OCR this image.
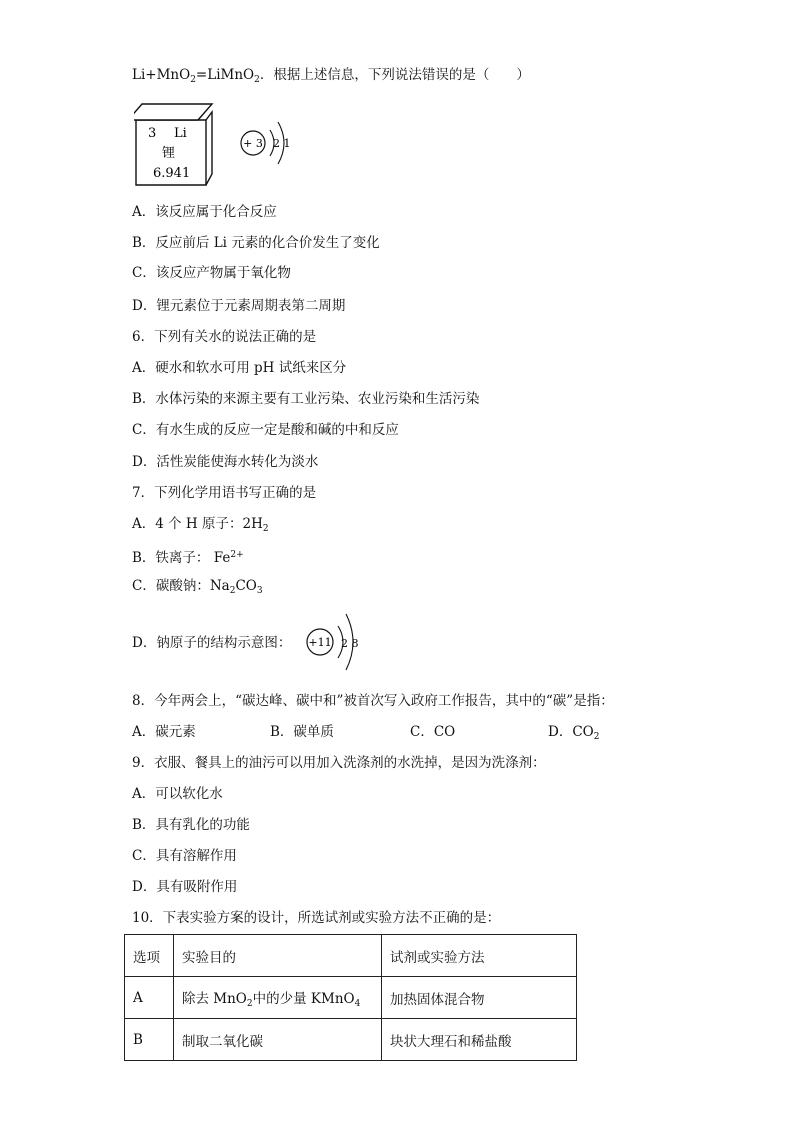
Li+MnO$_2$=LiMnO$_2$．根据上述信息，下列说法错误的是（　　）
3 Li
锂
6.941
+ 3 2 1
A．该反应属于化合反应
B．反应前后 Li 元素的化合价发生了变化
C．该反应产物属于氧化物
D．锂元素位于元素周期表第二周期
6．下列有关水的说法正确的是
A．硬水和软水可用 pH 试纸来区分
B．水体污染的来源主要有工业污染、农业污染和生活污染
C．有水生成的反应一定是酸和碱的中和反应
D．活性炭能使海水转化为淡水
7．下列化学用语书写正确的是
A．4 个 H 原子：$2H_2$
B．铁离子： $Fe^{2+}$
C．碳酸钠：$Na_2CO_3$
D．钠原子的结构示意图： +11 2 8
8．今年两会上，“碳达峰、碳中和”被首次写入政府工作报告，其中的“碳”是指：
A．碳元素	B．碳单质	C．CO	D．$CO_2$
9．衣服、餐具上的油污可以用加入洗涤剂的水洗掉，是因为洗涤剂：
A．可以软化水
B．具有乳化的功能
C．具有溶解作用
D．具有吸附作用
10．下表实验方案的设计，所选试剂或实验方法不正确的是：
选项	实验目的	试剂或实验方法
A	除去 MnO$_2$中的少量 KMnO$_4$	加热固体混合物
B	制取二氧化碳	块状大理石和稀盐酸
